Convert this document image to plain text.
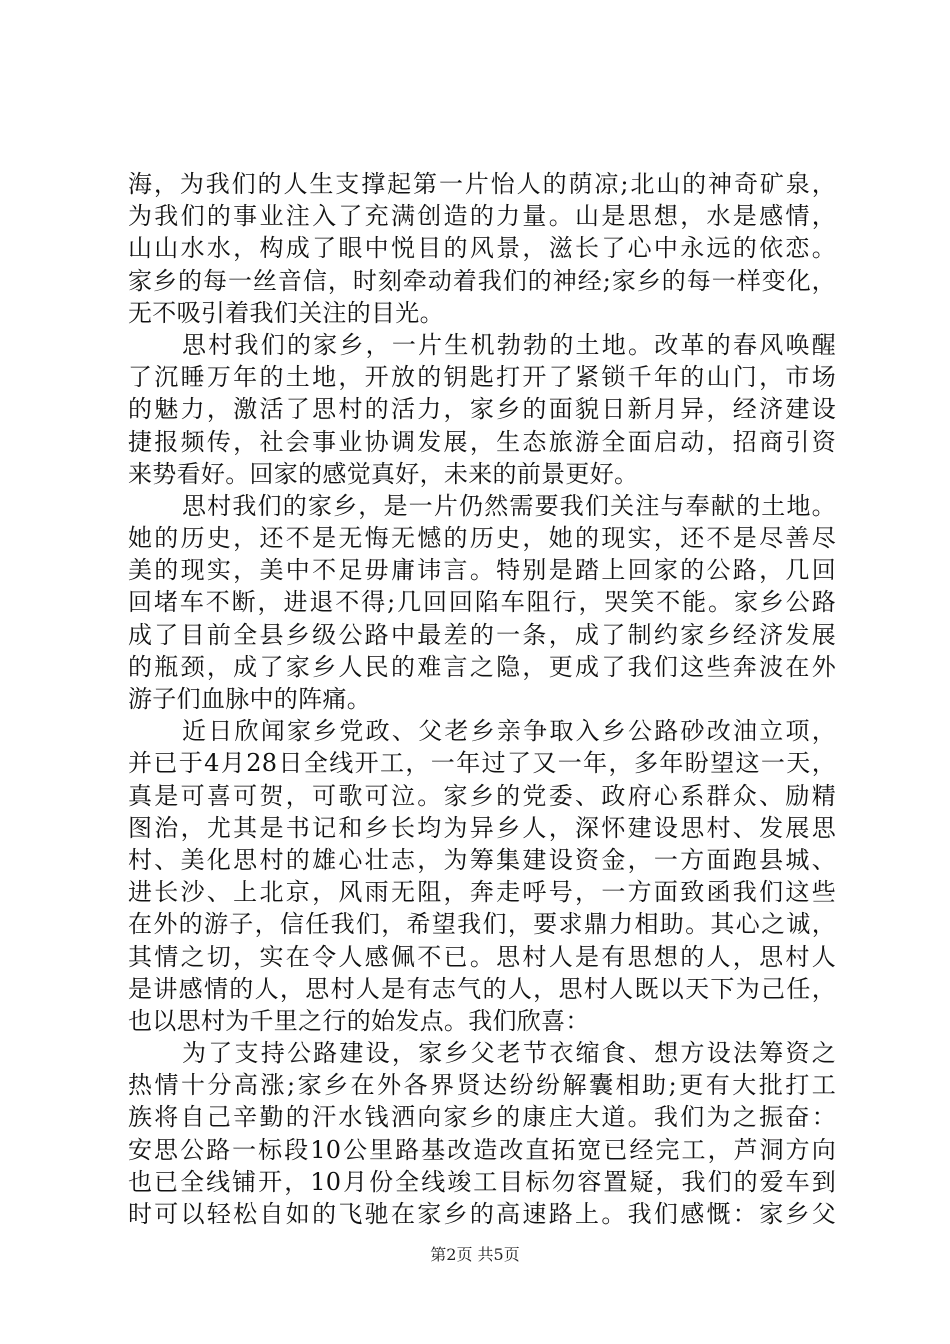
海，为我们的人生支撑起第一片怡人的荫凉;北山的神奇矿泉，
为我们的事业注入了充满创造的力量。山是思想，水是感情，
山山水水，构成了眼中悦目的风景，滋长了心中永远的依恋。
家乡的每一丝音信，时刻牵动着我们的神经;家乡的每一样变化，
无不吸引着我们关注的目光。
思村我们的家乡，一片生机勃勃的土地。改革的春风唤醒
了沉睡万年的土地，开放的钥匙打开了紧锁千年的山门，市场
的魅力，激活了思村的活力，家乡的面貌日新月异，经济建设
捷报频传，社会事业协调发展，生态旅游全面启动，招商引资
来势看好。回家的感觉真好，未来的前景更好。
思村我们的家乡，是一片仍然需要我们关注与奉献的土地。
她的历史，还不是无悔无憾的历史，她的现实，还不是尽善尽
美的现实，美中不足毋庸讳言。特别是踏上回家的公路，几回
回堵车不断，进退不得;几回回陷车阻行，哭笑不能。家乡公路
成了目前全县乡级公路中最差的一条，成了制约家乡经济发展
的瓶颈，成了家乡人民的难言之隐，更成了我们这些奔波在外
游子们血脉中的阵痛。
近日欣闻家乡党政、父老乡亲争取入乡公路砂改油立项，
并已于4月28日全线开工，一年过了又一年，多年盼望这一天，
真是可喜可贺，可歌可泣。家乡的党委、政府心系群众、励精
图治，尤其是书记和乡长均为异乡人，深怀建设思村、发展思
村、美化思村的雄心壮志，为筹集建设资金，一方面跑县城、
进长沙、上北京，风雨无阻，奔走呼号，一方面致函我们这些
在外的游子，信任我们，希望我们，要求鼎力相助。其心之诚，
其情之切，实在令人感佩不已。思村人是有思想的人，思村人
是讲感情的人，思村人是有志气的人，思村人既以天下为己任，
也以思村为千里之行的始发点。我们欣喜：
为了支持公路建设，家乡父老节衣缩食、想方设法筹资之
热情十分高涨;家乡在外各界贤达纷纷解囊相助;更有大批打工
族将自己辛勤的汗水钱洒向家乡的康庄大道。我们为之振奋：
安思公路一标段10公里路基改造改直拓宽已经完工，芦洞方向
也已全线铺开，10月份全线竣工目标勿容置疑，我们的爱车到
时可以轻松自如的飞驰在家乡的高速路上。我们感慨：家乡父
第2页 共5页
